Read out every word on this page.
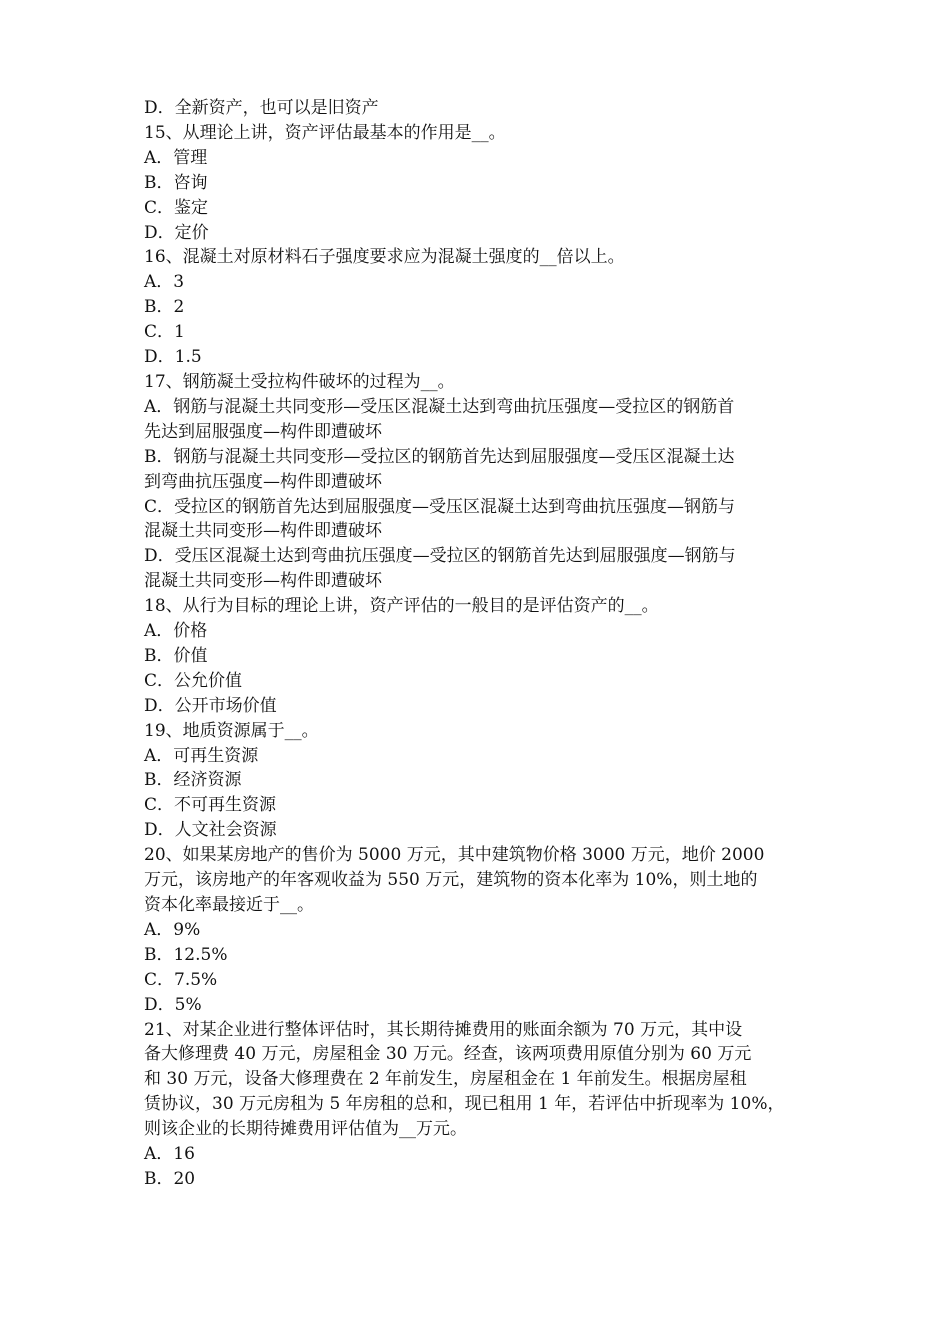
D．全新资产，也可以是旧资产
15、从理论上讲，资产评估最基本的作用是__。
A．管理
B．咨询
C．鉴定
D．定价
16、混凝土对原材料石子强度要求应为混凝土强度的__倍以上。
A．3
B．2
C．1
D．1.5
17、钢筋凝土受拉构件破坏的过程为__。
A．钢筋与混凝土共同变形—受压区混凝土达到弯曲抗压强度—受拉区的钢筋首
先达到屈服强度—构件即遭破坏
B．钢筋与混凝土共同变形—受拉区的钢筋首先达到屈服强度—受压区混凝土达
到弯曲抗压强度—构件即遭破坏
C．受拉区的钢筋首先达到屈服强度—受压区混凝土达到弯曲抗压强度—钢筋与
混凝土共同变形—构件即遭破坏
D．受压区混凝土达到弯曲抗压强度—受拉区的钢筋首先达到屈服强度—钢筋与
混凝土共同变形—构件即遭破坏
18、从行为目标的理论上讲，资产评估的一般目的是评估资产的__。
A．价格
B．价值
C．公允价值
D．公开市场价值
19、地质资源属于__。
A．可再生资源
B．经济资源
C．不可再生资源
D．人文社会资源
20、如果某房地产的售价为 5000 万元，其中建筑物价格 3000 万元，地价 2000
万元，该房地产的年客观收益为 550 万元，建筑物的资本化率为 10%，则土地的
资本化率最接近于__。
A．9%
B．12.5%
C．7.5%
D．5%
21、对某企业进行整体评估时，其长期待摊费用的账面余额为 70 万元，其中设
备大修理费 40 万元，房屋租金 30 万元。经查，该两项费用原值分别为 60 万元
和 30 万元，设备大修理费在 2 年前发生，房屋租金在 1 年前发生。根据房屋租
赁协议，30 万元房租为 5 年房租的总和，现已租用 1 年，若评估中折现率为 10%，
则该企业的长期待摊费用评估值为__万元。
A．16
B．20
